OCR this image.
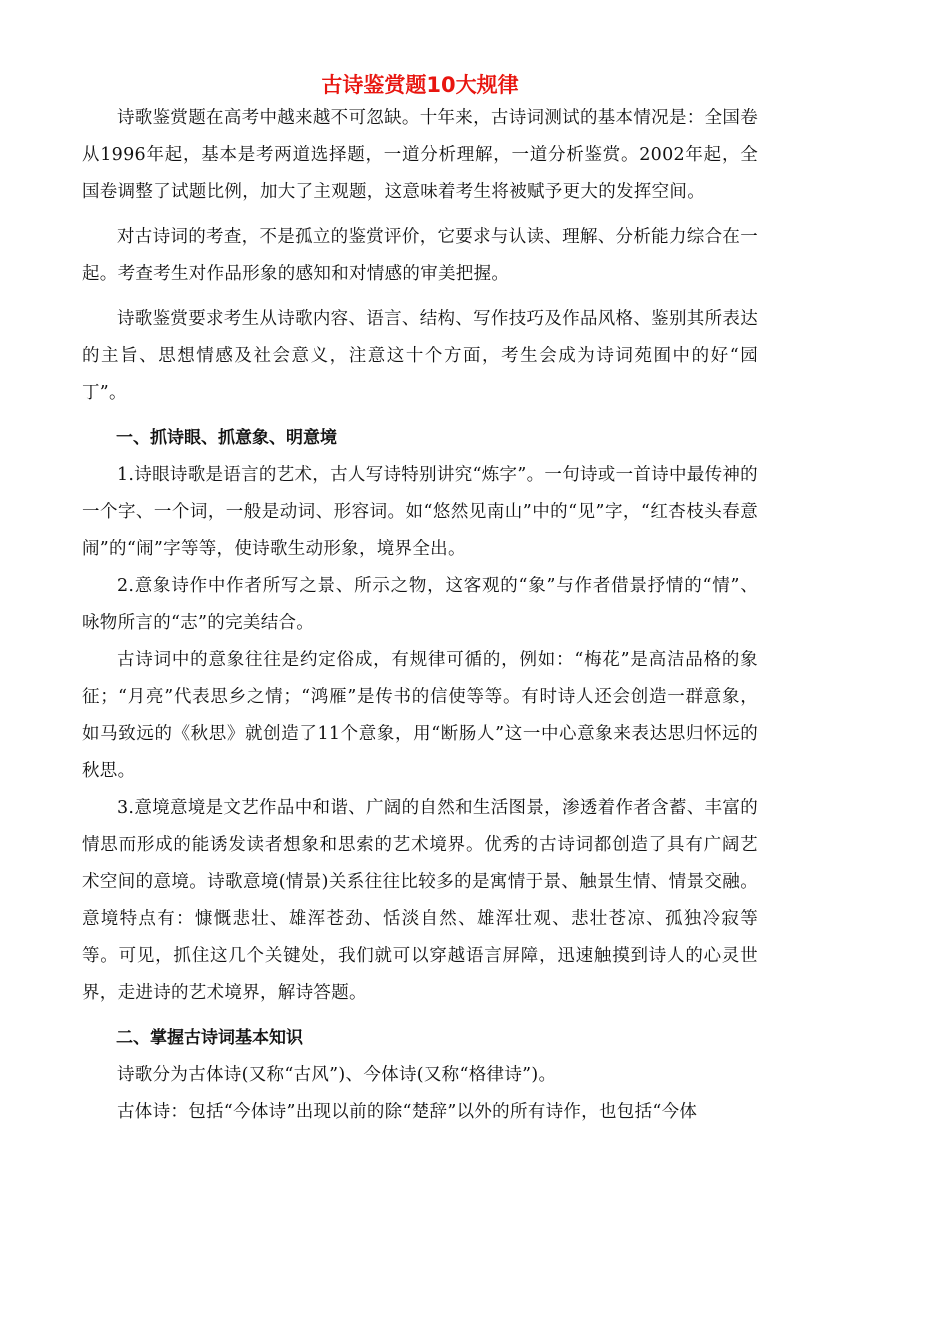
古诗鉴赏题10大规律

诗歌鉴赏题在高考中越来越不可忽缺。十年来，古诗词测试的基本情况是：全国卷从1996年起，基本是考两道选择题，一道分析理解，一道分析鉴赏。2002年起，全国卷调整了试题比例，加大了主观题，这意味着考生将被赋予更大的发挥空间。

对古诗词的考查，不是孤立的鉴赏评价，它要求与认读、理解、分析能力综合在一起。考查考生对作品形象的感知和对情感的审美把握。

诗歌鉴赏要求考生从诗歌内容、语言、结构、写作技巧及作品风格、鉴别其所表达的主旨、思想情感及社会意义，注意这十个方面，考生会成为诗词苑囿中的好“园丁”。

一、抓诗眼、抓意象、明意境

1.诗眼诗歌是语言的艺术，古人写诗特别讲究“炼字”。一句诗或一首诗中最传神的一个字、一个词，一般是动词、形容词。如“悠然见南山”中的“见”字，“红杏枝头春意闹”的“闹”字等等，使诗歌生动形象，境界全出。

2.意象诗作中作者所写之景、所示之物，这客观的“象”与作者借景抒情的“情”、咏物所言的“志”的完美结合。

古诗词中的意象往往是约定俗成，有规律可循的，例如：“梅花”是高洁品格的象征；“月亮”代表思乡之情；“鸿雁”是传书的信使等等。有时诗人还会创造一群意象，如马致远的《秋思》就创造了11个意象，用“断肠人”这一中心意象来表达思归怀远的秋思。

3.意境意境是文艺作品中和谐、广阔的自然和生活图景，渗透着作者含蓄、丰富的情思而形成的能诱发读者想象和思索的艺术境界。优秀的古诗词都创造了具有广阔艺术空间的意境。诗歌意境(情景)关系往往比较多的是寓情于景、触景生情、情景交融。意境特点有：慷慨悲壮、雄浑苍劲、恬淡自然、雄浑壮观、悲壮苍凉、孤独冷寂等等。可见，抓住这几个关键处，我们就可以穿越语言屏障，迅速触摸到诗人的心灵世界，走进诗的艺术境界，解诗答题。

二、掌握古诗词基本知识

诗歌分为古体诗(又称“古风”)、今体诗(又称“格律诗”)。

古体诗：包括“今体诗”出现以前的除“楚辞”以外的所有诗作，也包括“今体
